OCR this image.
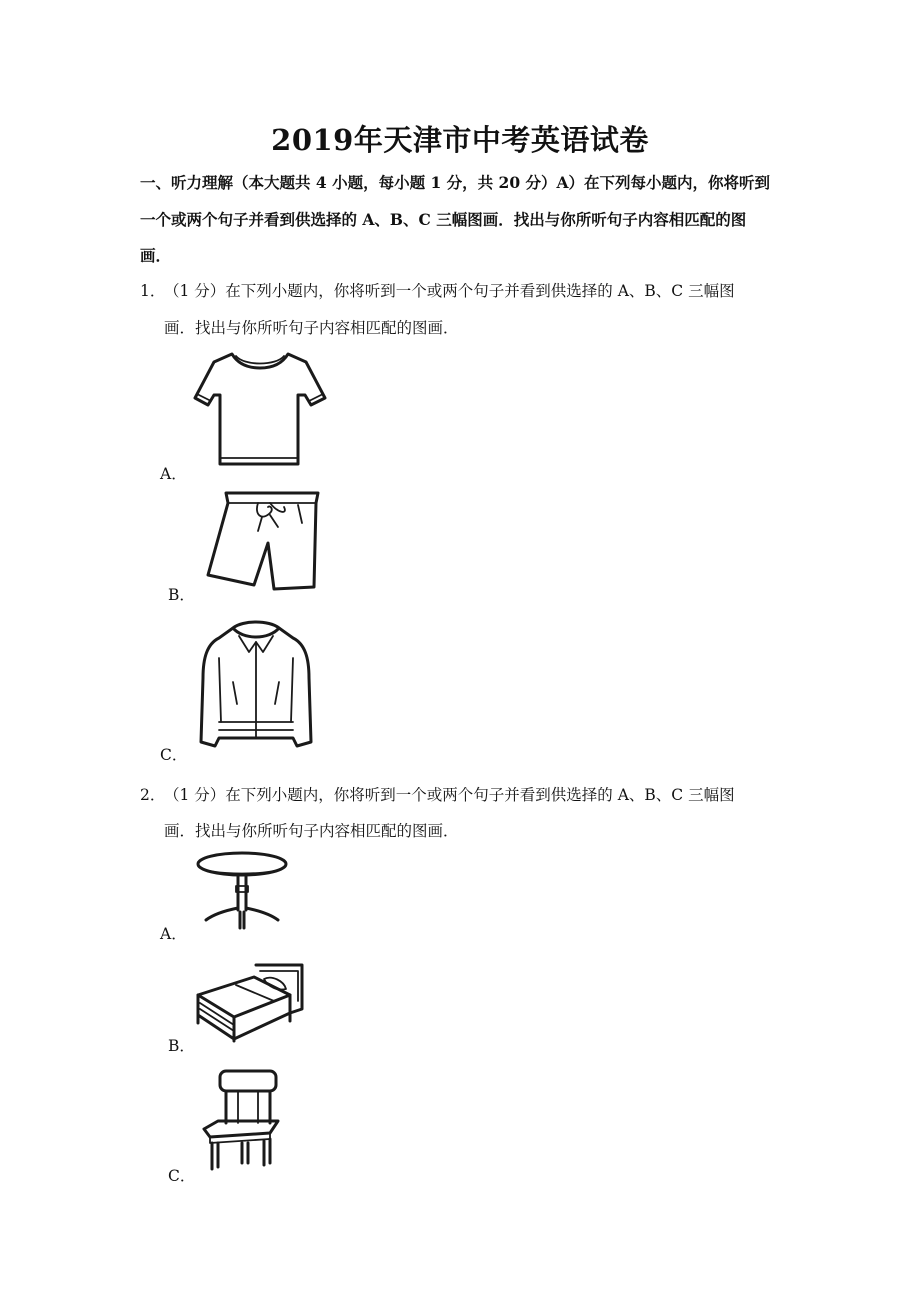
2019年天津市中考英语试卷
一、听力理解（本大题共 4 小题，每小题 1 分，共 20 分）A）在下列每小题内，你将听到
一个或两个句子并看到供选择的 A、B、C 三幅图画．找出与你所听句子内容相匹配的图
画．
1．
（1 分）在下列小题内，你将听到一个或两个句子并看到供选择的 A、B、C 三幅图
画．找出与你所听句子内容相匹配的图画．
A．
B．
C．
2．
（1 分）在下列小题内，你将听到一个或两个句子并看到供选择的 A、B、C 三幅图
画．找出与你所听句子内容相匹配的图画．
A．
B．
C．
